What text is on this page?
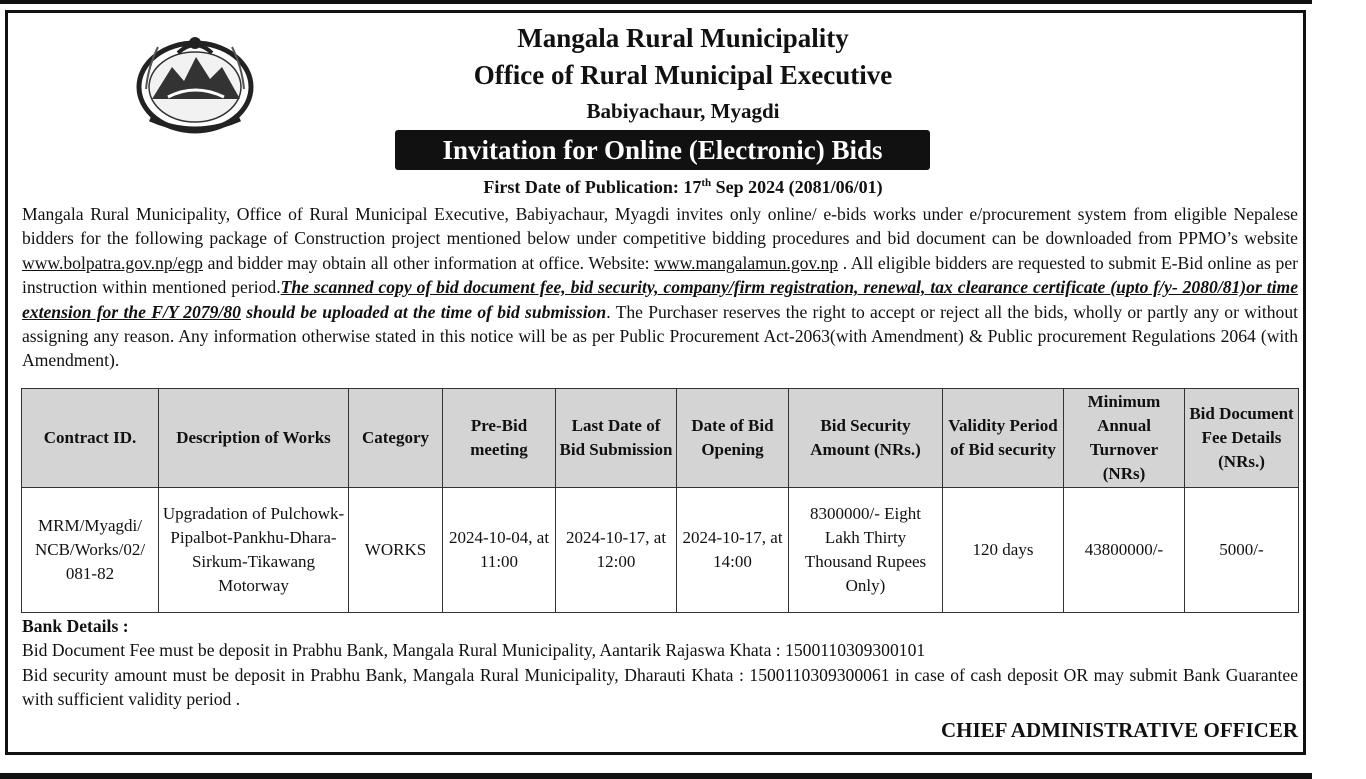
Mangala Rural Municipality
Office of Rural Municipal Executive
Babiyachaur, Myagdi
Invitation for Online (Electronic) Bids
First Date of Publication: 17th Sep 2024 (2081/06/01)
Mangala Rural Municipality, Office of Rural Municipal Executive, Babiyachaur, Myagdi invites only online/ e-bids works under e/procurement system from eligible Nepalese bidders for the following package of Construction project mentioned below under competitive bidding procedures and bid document can be downloaded from PPMO’s website www.bolpatra.gov.np/egp and bidder may obtain all other information at office. Website: www.mangalamun.gov.np . All eligible bidders are requested to submit E-Bid online as per instruction within mentioned period.The scanned copy of bid document fee, bid security, company/firm registration, renewal, tax clearance certificate (upto f/y- 2080/81)or time extension for the F/Y 2079/80 should be uploaded at the time of bid submission. The Purchaser reserves the right to accept or reject all the bids, wholly or partly any or without assigning any reason. Any information otherwise stated in this notice will be as per Public Procurement Act-2063(with Amendment) & Public procurement Regulations 2064 (with Amendment).
Contract ID.	Description of Works	Category	Pre-Bid meeting	Last Date of Bid Submission	Date of Bid Opening	Bid Security Amount (NRs.)	Validity Period of Bid security	Minimum Annual Turnover (NRs)	Bid Document Fee Details (NRs.)
MRM/Myagdi/ NCB/Works/02/ 081-82	Upgradation of Pulchowk-Pipalbot-Pankhu-Dhara-Sirkum-Tikawang Motorway	WORKS	2024-10-04, at 11:00	2024-10-17, at 12:00	2024-10-17, at 14:00	8300000/- Eight Lakh Thirty Thousand Rupees Only)	120 days	43800000/-	5000/-
Bank Details :
Bid Document Fee must be deposit in Prabhu Bank, Mangala Rural Municipality, Aantarik Rajaswa Khata : 1500110309300101
Bid security amount must be deposit in Prabhu Bank, Mangala Rural Municipality, Dharauti Khata : 1500110309300061 in case of cash deposit OR may submit Bank Guarantee with sufficient validity period .
CHIEF ADMINISTRATIVE OFFICER
